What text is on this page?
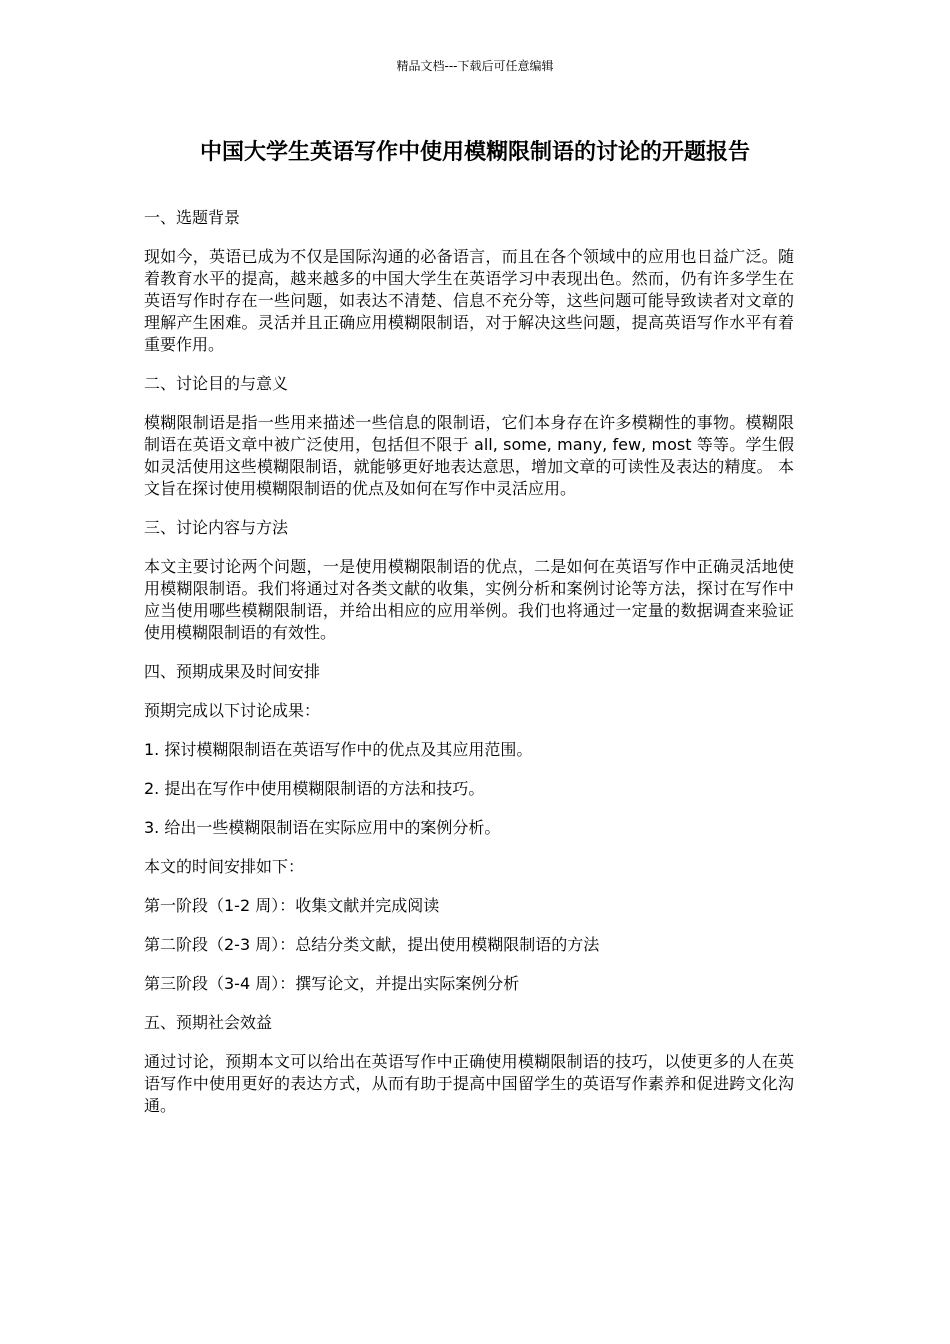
精品文档---下载后可任意编辑
中国大学生英语写作中使用模糊限制语的讨论的开题报告

一、选题背景

现如今，英语已成为不仅是国际沟通的必备语言，而且在各个领域中的应用也日益广泛。随着教育水平的提高，越来越多的中国大学生在英语学习中表现出色。然而，仍有许多学生在英语写作时存在一些问题，如表达不清楚、信息不充分等，这些问题可能导致读者对文章的理解产生困难。灵活并且正确应用模糊限制语，对于解决这些问题，提高英语写作水平有着重要作用。

二、讨论目的与意义

模糊限制语是指一些用来描述一些信息的限制语，它们本身存在许多模糊性的事物。模糊限制语在英语文章中被广泛使用，包括但不限于 all, some, many, few, most 等等。学生假如灵活使用这些模糊限制语，就能够更好地表达意思，增加文章的可读性及表达的精度。 本文旨在探讨使用模糊限制语的优点及如何在写作中灵活应用。

三、讨论内容与方法

本文主要讨论两个问题，一是使用模糊限制语的优点，二是如何在英语写作中正确灵活地使用模糊限制语。我们将通过对各类文献的收集，实例分析和案例讨论等方法，探讨在写作中应当使用哪些模糊限制语，并给出相应的应用举例。我们也将通过一定量的数据调查来验证使用模糊限制语的有效性。

四、预期成果及时间安排

预期完成以下讨论成果：

1. 探讨模糊限制语在英语写作中的优点及其应用范围。

2. 提出在写作中使用模糊限制语的方法和技巧。

3. 给出一些模糊限制语在实际应用中的案例分析。

本文的时间安排如下：

第一阶段（1-2 周）：收集文献并完成阅读

第二阶段（2-3 周）：总结分类文献，提出使用模糊限制语的方法

第三阶段（3-4 周）：撰写论文，并提出实际案例分析

五、预期社会效益

通过讨论，预期本文可以给出在英语写作中正确使用模糊限制语的技巧，以使更多的人在英语写作中使用更好的表达方式，从而有助于提高中国留学生的英语写作素养和促进跨文化沟通。
